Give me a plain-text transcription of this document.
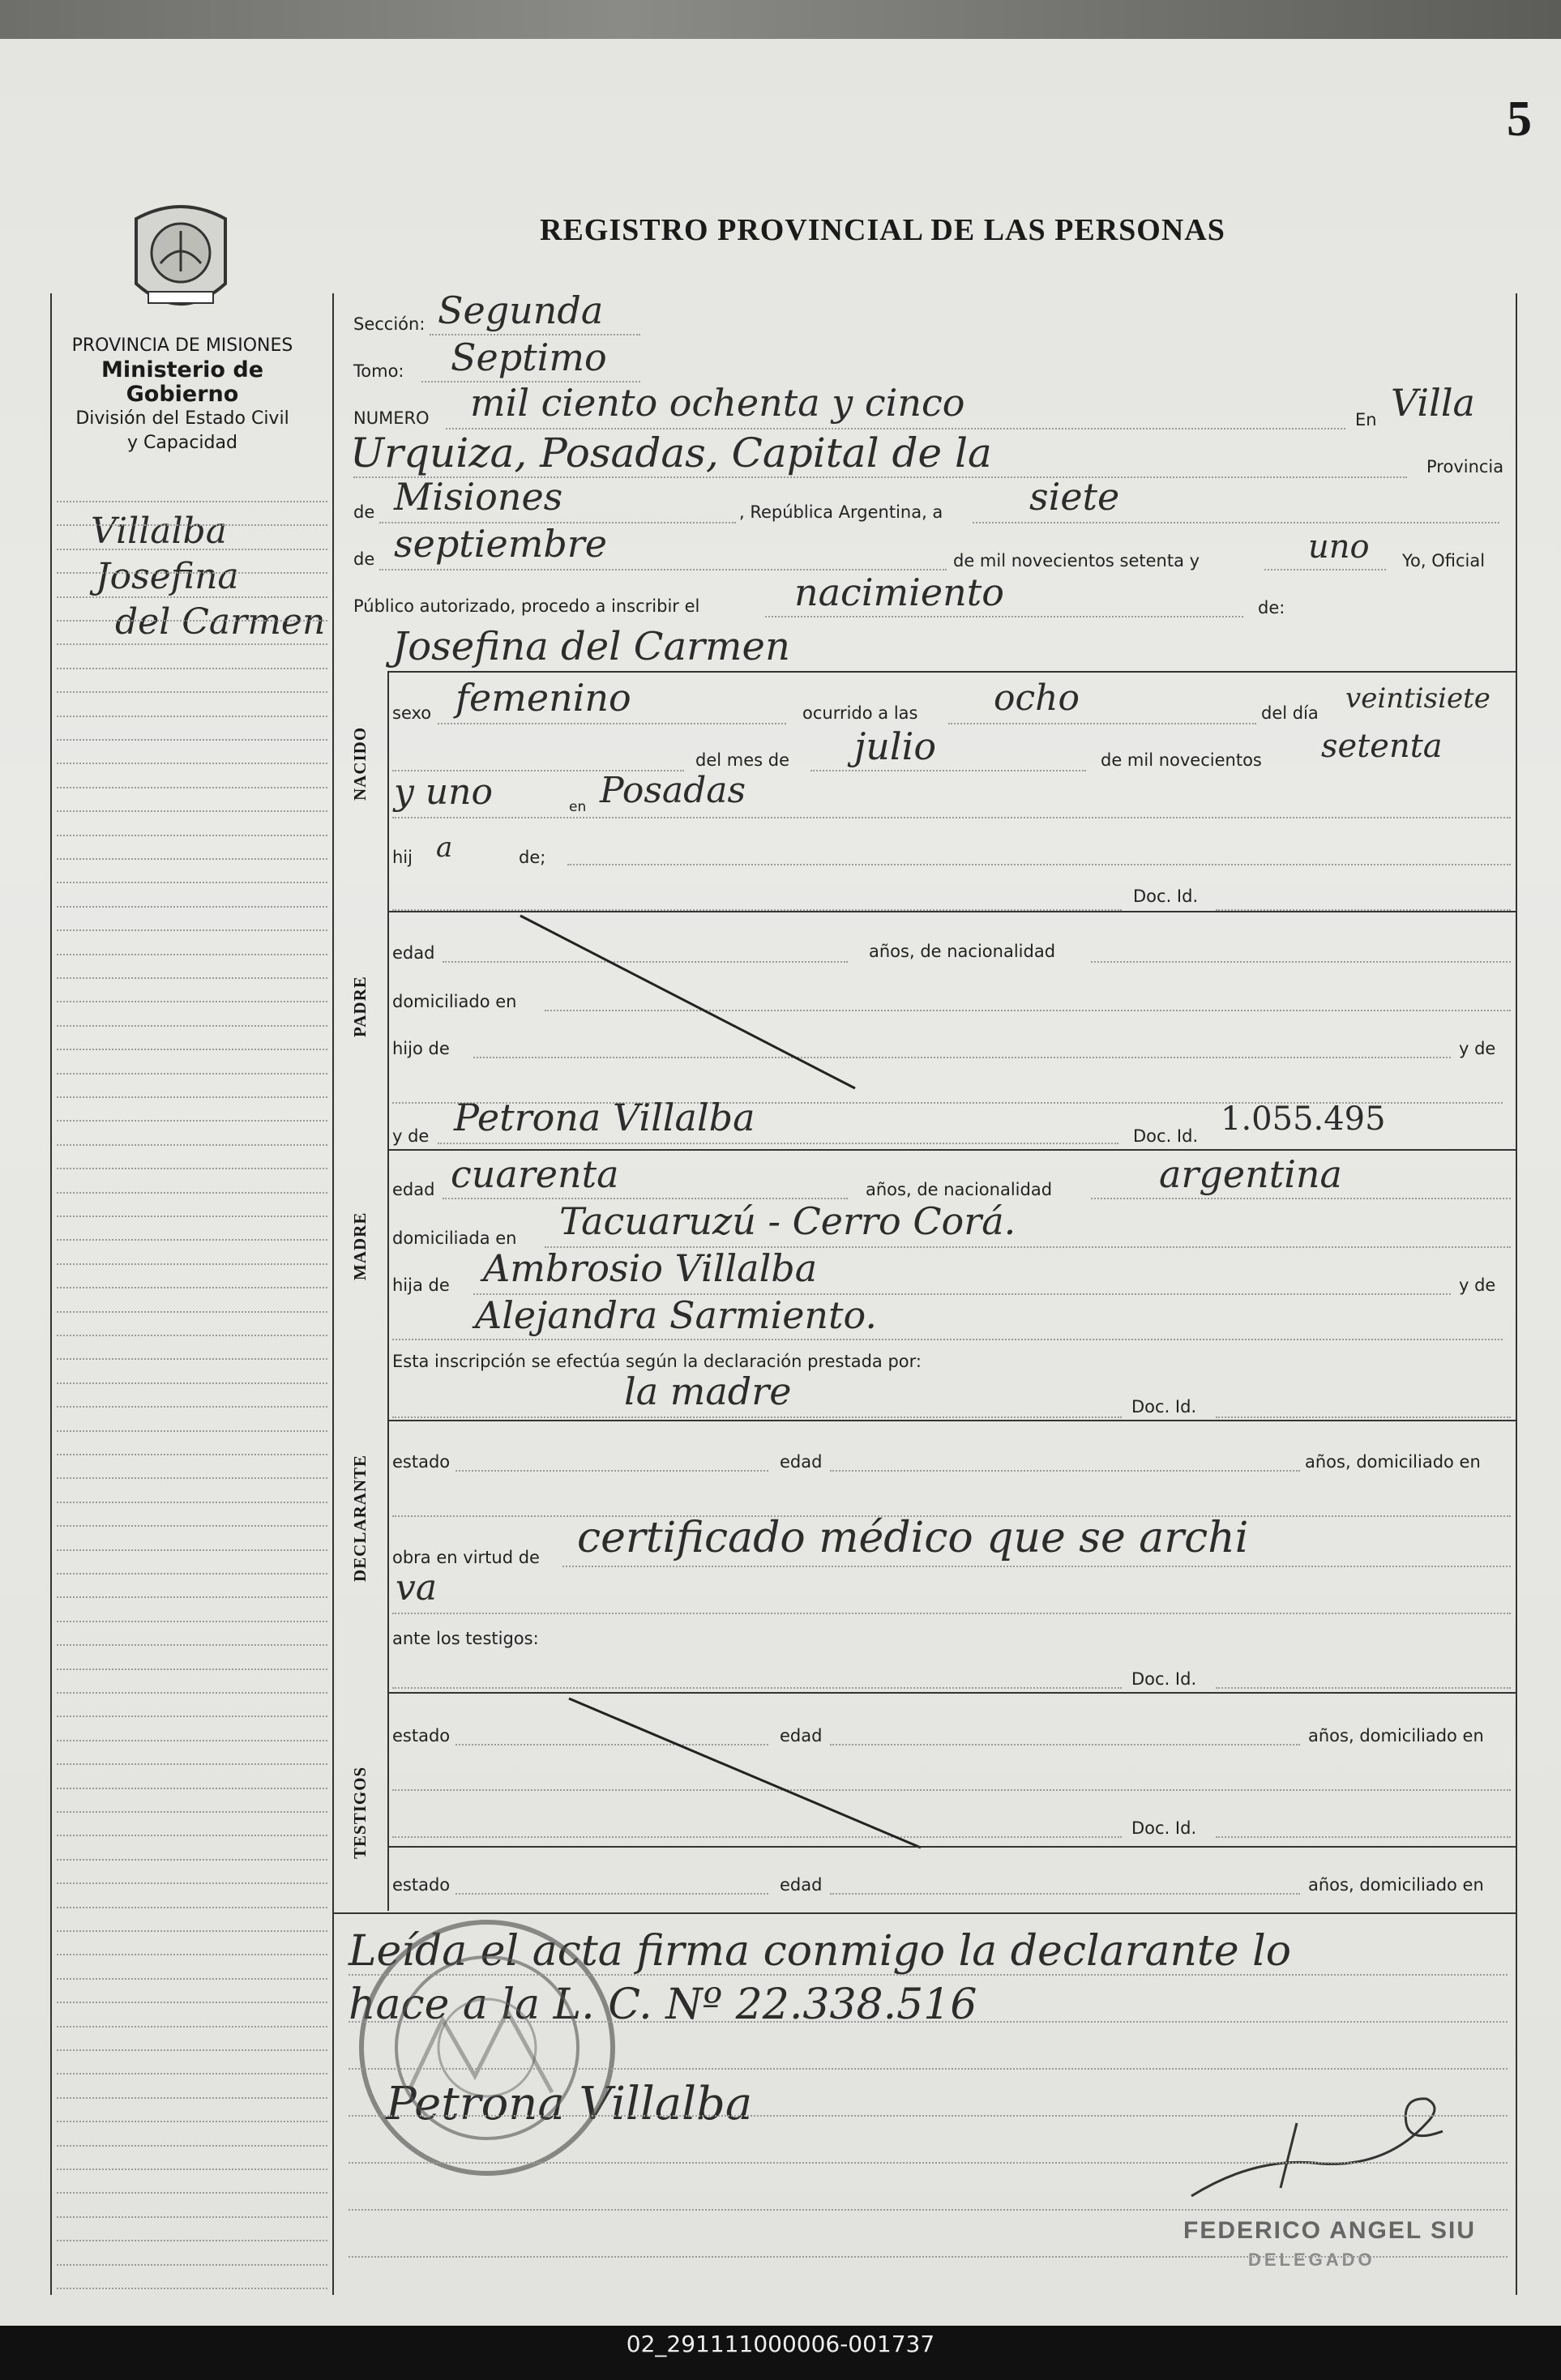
5
PROVINCIA DE MISIONES
Ministerio de Gobierno
División del Estado Civil
y Capacidad
REGISTRO PROVINCIAL DE LAS PERSONAS
Villalba
Josefina
del Carmen
Sección: Segunda
Tomo: Septimo
NUMERO mil ciento ochenta y cinco	En Villa
Urquiza, Posadas, Capital de la	Provincia
de Misiones	, República Argentina, a siete
de septiembre	de mil novecientos setenta y	uno Yo, Oficial
Público autorizado, procedo a inscribir el	nacimiento	de:
Josefina del Carmen
NACIDO
PADRE
MADRE
DECLARANTE
TESTIGOS
sexo femenino	ocurrido a las ocho	del día veintisiete
del mes de julio	de mil novecientos setenta
y uno	en Posadas
hij a	de;
Doc. Id.
edad	años, de nacionalidad
domiciliado en
hijo de	y de
y de Petrona Villalba	Doc. Id. 1.055.495
edad cuarenta	años, de nacionalidad	argentina
domiciliada en Tacuaruzú - Cerro Corá.
hija de Ambrosio Villalba	y de
Alejandra Sarmiento.
Esta inscripción se efectúa según la declaración prestada por:
la madre	Doc. Id.
estado	edad	años, domiciliado en
obra en virtud de certificado médico que se archi
va
ante los testigos:
Doc. Id.
estado	edad	años, domiciliado en
Doc. Id.
estado	edad	años, domiciliado en
Leída el acta firma conmigo la declarante lo
hace a la L. C. Nº 22.338.516
Petrona Villalba
FEDERICO ANGEL SIU
DELEGADO
02_291111000006-001737
